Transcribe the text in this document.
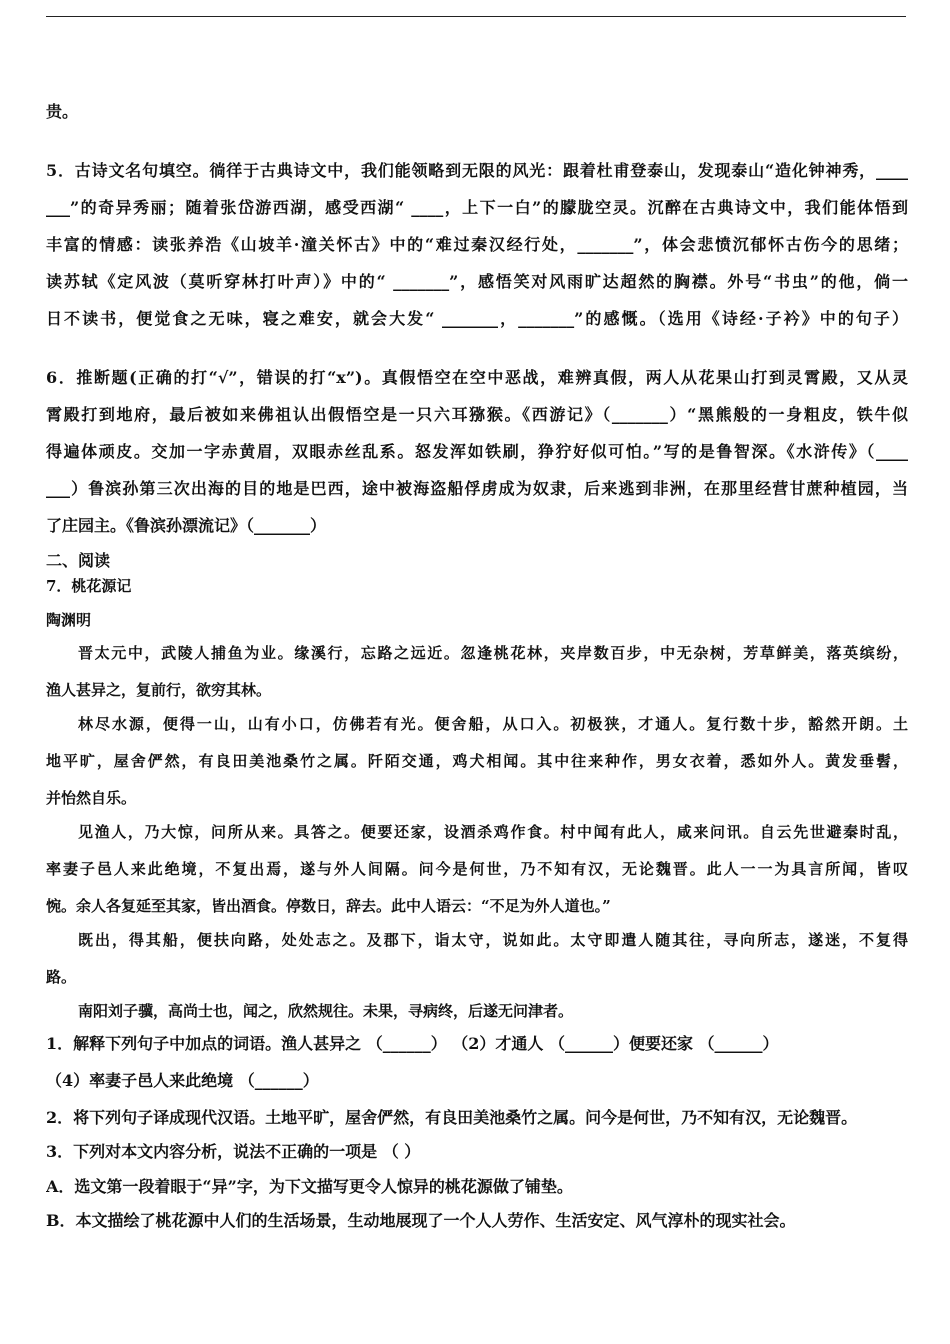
贵。
5．古诗文名句填空。徜徉于古典诗文中，我们能领略到无限的风光：跟着杜甫登泰山，发现泰山“造化钟神秀，____
___”的奇异秀丽；随着张岱游西湖，感受西湖“ ____，上下一白”的朦胧空灵。沉醉在古典诗文中，我们能体悟到
丰富的情感：读张养浩《山坡羊·潼关怀古》中的“难过秦汉经行处，_______”，体会悲愤沉郁怀古伤今的思绪；
读苏轼《定风波（莫听穿林打叶声）》中的“ _______”，感悟笑对风雨旷达超然的胸襟。外号“书虫”的他，倘一
日不读书，便觉食之无味，寝之难安，就会大发“ _______，_______”的感慨。（选用《诗经·子衿》中的句子）
6．推断题(正确的打“√”，错误的打“x”)。真假悟空在空中恶战，难辨真假，两人从花果山打到灵霄殿，又从灵
霄殿打到地府，最后被如来佛祖认出假悟空是一只六耳猕猴。《西游记》（_______）“黑熊般的一身粗皮，铁牛似
得遍体顽皮。交加一字赤黄眉，双眼赤丝乱系。怒发浑如铁刷，狰狞好似可怕。”写的是鲁智深。《水浒传》（____
___）鲁滨孙第三次出海的目的地是巴西，途中被海盗船俘虏成为奴隶，后来逃到非洲，在那里经营甘蔗种植园，当
了庄园主。《鲁滨孙漂流记》（_______）
二、阅读
7．桃花源记
陶渊明
晋太元中，武陵人捕鱼为业。缘溪行，忘路之远近。忽逢桃花林，夹岸数百步，中无杂树，芳草鲜美，落英缤纷，
渔人甚异之，复前行，欲穷其林。
林尽水源，便得一山，山有小口，仿佛若有光。便舍船，从口入。初极狭，才通人。复行数十步，豁然开朗。土
地平旷，屋舍俨然，有良田美池桑竹之属。阡陌交通，鸡犬相闻。其中往来种作，男女衣着，悉如外人。黄发垂髫，
并怡然自乐。
见渔人，乃大惊，问所从来。具答之。便要还家，设酒杀鸡作食。村中闻有此人，咸来问讯。自云先世避秦时乱，
率妻子邑人来此绝境，不复出焉，遂与外人间隔。问今是何世，乃不知有汉，无论魏晋。此人一一为具言所闻，皆叹
惋。余人各复延至其家，皆出酒食。停数日，辞去。此中人语云：“不足为外人道也。”
既出，得其船，便扶向路，处处志之。及郡下，诣太守，说如此。太守即遣人随其往，寻向所志，遂迷，不复得
路。
南阳刘子骥，高尚士也，闻之，欣然规往。未果，寻病终，后遂无问津者。
1．解释下列句子中加点的词语。渔人甚异之 （______） （2）才通人 （______）便要还家 （______）
（4）率妻子邑人来此绝境 （______）
2．将下列句子译成现代汉语。土地平旷，屋舍俨然，有良田美池桑竹之属。问今是何世，乃不知有汉，无论魏晋。
3．下列对本文内容分析，说法不正确的一项是 （ ）
A．选文第一段着眼于“异”字，为下文描写更令人惊异的桃花源做了铺垫。
B．本文描绘了桃花源中人们的生活场景，生动地展现了一个人人劳作、生活安定、风气淳朴的现实社会。
